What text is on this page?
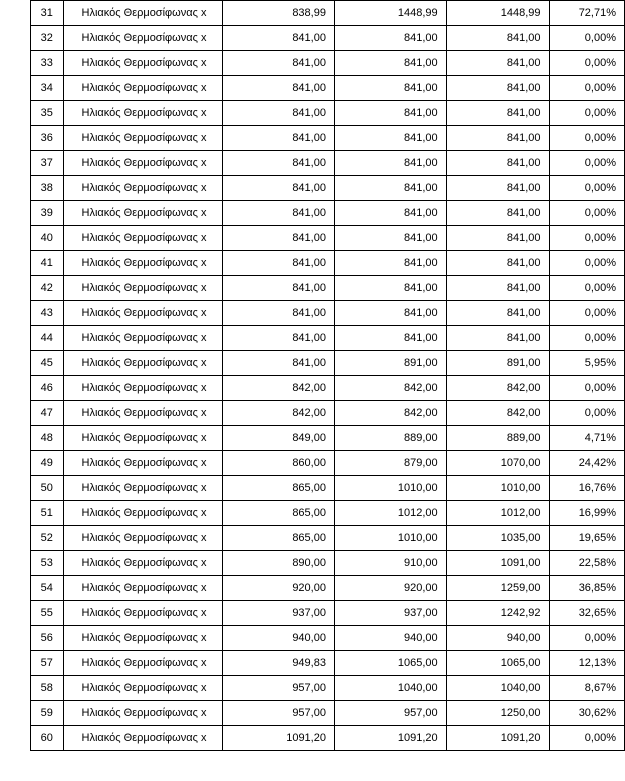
31	Ηλιακός Θερμοσίφωνας x	838,99	1448,99	1448,99	72,71%
32	Ηλιακός Θερμοσίφωνας x	841,00	841,00	841,00	0,00%
33	Ηλιακός Θερμοσίφωνας x	841,00	841,00	841,00	0,00%
34	Ηλιακός Θερμοσίφωνας x	841,00	841,00	841,00	0,00%
35	Ηλιακός Θερμοσίφωνας x	841,00	841,00	841,00	0,00%
36	Ηλιακός Θερμοσίφωνας x	841,00	841,00	841,00	0,00%
37	Ηλιακός Θερμοσίφωνας x	841,00	841,00	841,00	0,00%
38	Ηλιακός Θερμοσίφωνας x	841,00	841,00	841,00	0,00%
39	Ηλιακός Θερμοσίφωνας x	841,00	841,00	841,00	0,00%
40	Ηλιακός Θερμοσίφωνας x	841,00	841,00	841,00	0,00%
41	Ηλιακός Θερμοσίφωνας x	841,00	841,00	841,00	0,00%
42	Ηλιακός Θερμοσίφωνας x	841,00	841,00	841,00	0,00%
43	Ηλιακός Θερμοσίφωνας x	841,00	841,00	841,00	0,00%
44	Ηλιακός Θερμοσίφωνας x	841,00	841,00	841,00	0,00%
45	Ηλιακός Θερμοσίφωνας x	841,00	891,00	891,00	5,95%
46	Ηλιακός Θερμοσίφωνας x	842,00	842,00	842,00	0,00%
47	Ηλιακός Θερμοσίφωνας x	842,00	842,00	842,00	0,00%
48	Ηλιακός Θερμοσίφωνας x	849,00	889,00	889,00	4,71%
49	Ηλιακός Θερμοσίφωνας x	860,00	879,00	1070,00	24,42%
50	Ηλιακός Θερμοσίφωνας x	865,00	1010,00	1010,00	16,76%
51	Ηλιακός Θερμοσίφωνας x	865,00	1012,00	1012,00	16,99%
52	Ηλιακός Θερμοσίφωνας x	865,00	1010,00	1035,00	19,65%
53	Ηλιακός Θερμοσίφωνας x	890,00	910,00	1091,00	22,58%
54	Ηλιακός Θερμοσίφωνας x	920,00	920,00	1259,00	36,85%
55	Ηλιακός Θερμοσίφωνας x	937,00	937,00	1242,92	32,65%
56	Ηλιακός Θερμοσίφωνας x	940,00	940,00	940,00	0,00%
57	Ηλιακός Θερμοσίφωνας x	949,83	1065,00	1065,00	12,13%
58	Ηλιακός Θερμοσίφωνας x	957,00	1040,00	1040,00	8,67%
59	Ηλιακός Θερμοσίφωνας x	957,00	957,00	1250,00	30,62%
60	Ηλιακός Θερμοσίφωνας x	1091,20	1091,20	1091,20	0,00%
